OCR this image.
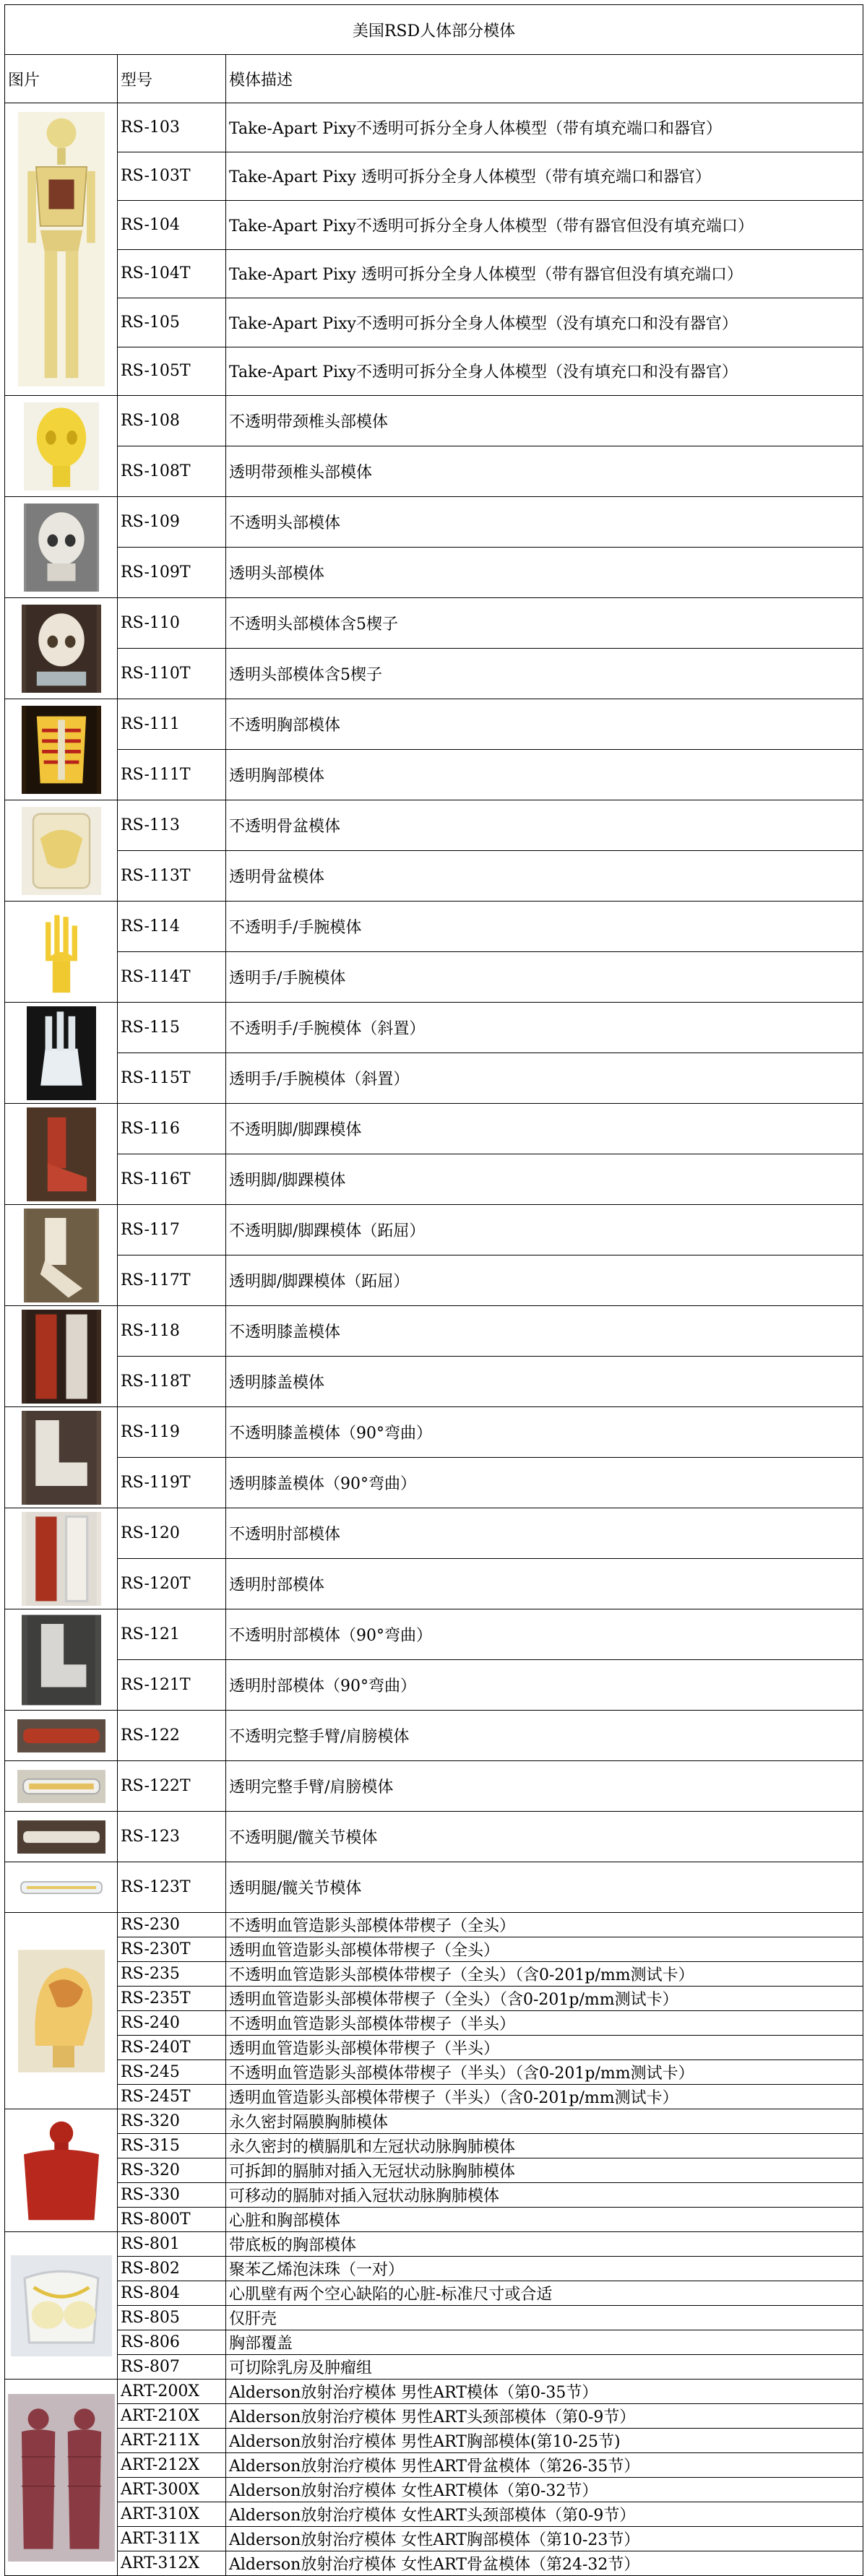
美国RSD人体部分模体		
图片	型号	模体描述

	RS-103	Take-Apart Pixy不透明可拆分全身人体模型（带有填充端口和器官）
	RS-103T	Take-Apart Pixy 透明可拆分全身人体模型（带有填充端口和器官）
	RS-104	Take-Apart Pixy不透明可拆分全身人体模型（带有器官但没有填充端口）
	RS-104T	Take-Apart Pixy 透明可拆分全身人体模型（带有器官但没有填充端口）
	RS-105	Take-Apart Pixy不透明可拆分全身人体模型（没有填充口和没有器官）
	RS-105T	Take-Apart Pixy不透明可拆分全身人体模型（没有填充口和没有器官）

	RS-108	不透明带颈椎头部模体
	RS-108T	透明带颈椎头部模体

	RS-109	不透明头部模体
	RS-109T	透明头部模体

	RS-110	不透明头部模体含5楔子
	RS-110T	透明头部模体含5楔子

	RS-111	不透明胸部模体
	RS-111T	透明胸部模体

	RS-113	不透明骨盆模体
	RS-113T	透明骨盆模体

	RS-114	不透明手/手腕模体
	RS-114T	透明手/手腕模体

	RS-115	不透明手/手腕模体（斜置）
	RS-115T	透明手/手腕模体（斜置）

	RS-116	不透明脚/脚踝模体
	RS-116T	透明脚/脚踝模体

	RS-117	不透明脚/脚踝模体（跖屈）
	RS-117T	透明脚/脚踝模体（跖屈）

	RS-118	不透明膝盖模体
	RS-118T	透明膝盖模体

	RS-119	不透明膝盖模体（90°弯曲）
	RS-119T	透明膝盖模体（90°弯曲）

	RS-120	不透明肘部模体
	RS-120T	透明肘部模体

	RS-121	不透明肘部模体（90°弯曲）
	RS-121T	透明肘部模体（90°弯曲）

	RS-122	不透明完整手臂/肩膀模体

	RS-122T	透明完整手臂/肩膀模体

	RS-123	不透明腿/髋关节模体

	RS-123T	透明腿/髋关节模体

	RS-230	不透明血管造影头部模体带楔子（全头）
	RS-230T	透明血管造影头部模体带楔子（全头）
	RS-235	不透明血管造影头部模体带楔子（全头）（含0-201p/mm测试卡）
	RS-235T	透明血管造影头部模体带楔子（全头）（含0-201p/mm测试卡）
	RS-240	不透明血管造影头部模体带楔子（半头）
	RS-240T	透明血管造影头部模体带楔子（半头）
	RS-245	不透明血管造影头部模体带楔子（半头）（含0-201p/mm测试卡）
	RS-245T	透明血管造影头部模体带楔子（半头）（含0-201p/mm测试卡）

	RS-320	永久密封隔膜胸肺模体
	RS-315	永久密封的横膈肌和左冠状动脉胸肺模体
	RS-320	可拆卸的膈肺对插入无冠状动脉胸肺模体
	RS-330	可移动的膈肺对插入冠状动脉胸肺模体
	RS-800T	心脏和胸部模体

	RS-801	带底板的胸部模体
	RS-802	聚苯乙烯泡沫珠（一对）
	RS-804	心肌壁有两个空心缺陷的心脏-标准尺寸或合适
	RS-805	仅肝壳
	RS-806	胸部覆盖
	RS-807	可切除乳房及肿瘤组

	ART-200X	Alderson放射治疗模体 男性ART模体（第0-35节）
	ART-210X	Alderson放射治疗模体 男性ART头颈部模体（第0-9节）
	ART-211X	Alderson放射治疗模体 男性ART胸部模体(第10-25节)
	ART-212X	Alderson放射治疗模体 男性ART骨盆模体（第26-35节）
	ART-300X	Alderson放射治疗模体 女性ART模体（第0-32节）
	ART-310X	Alderson放射治疗模体 女性ART头颈部模体（第0-9节）
	ART-311X	Alderson放射治疗模体 女性ART胸部模体（第10-23节）
	ART-312X	Alderson放射治疗模体 女性ART骨盆模体（第24-32节）
